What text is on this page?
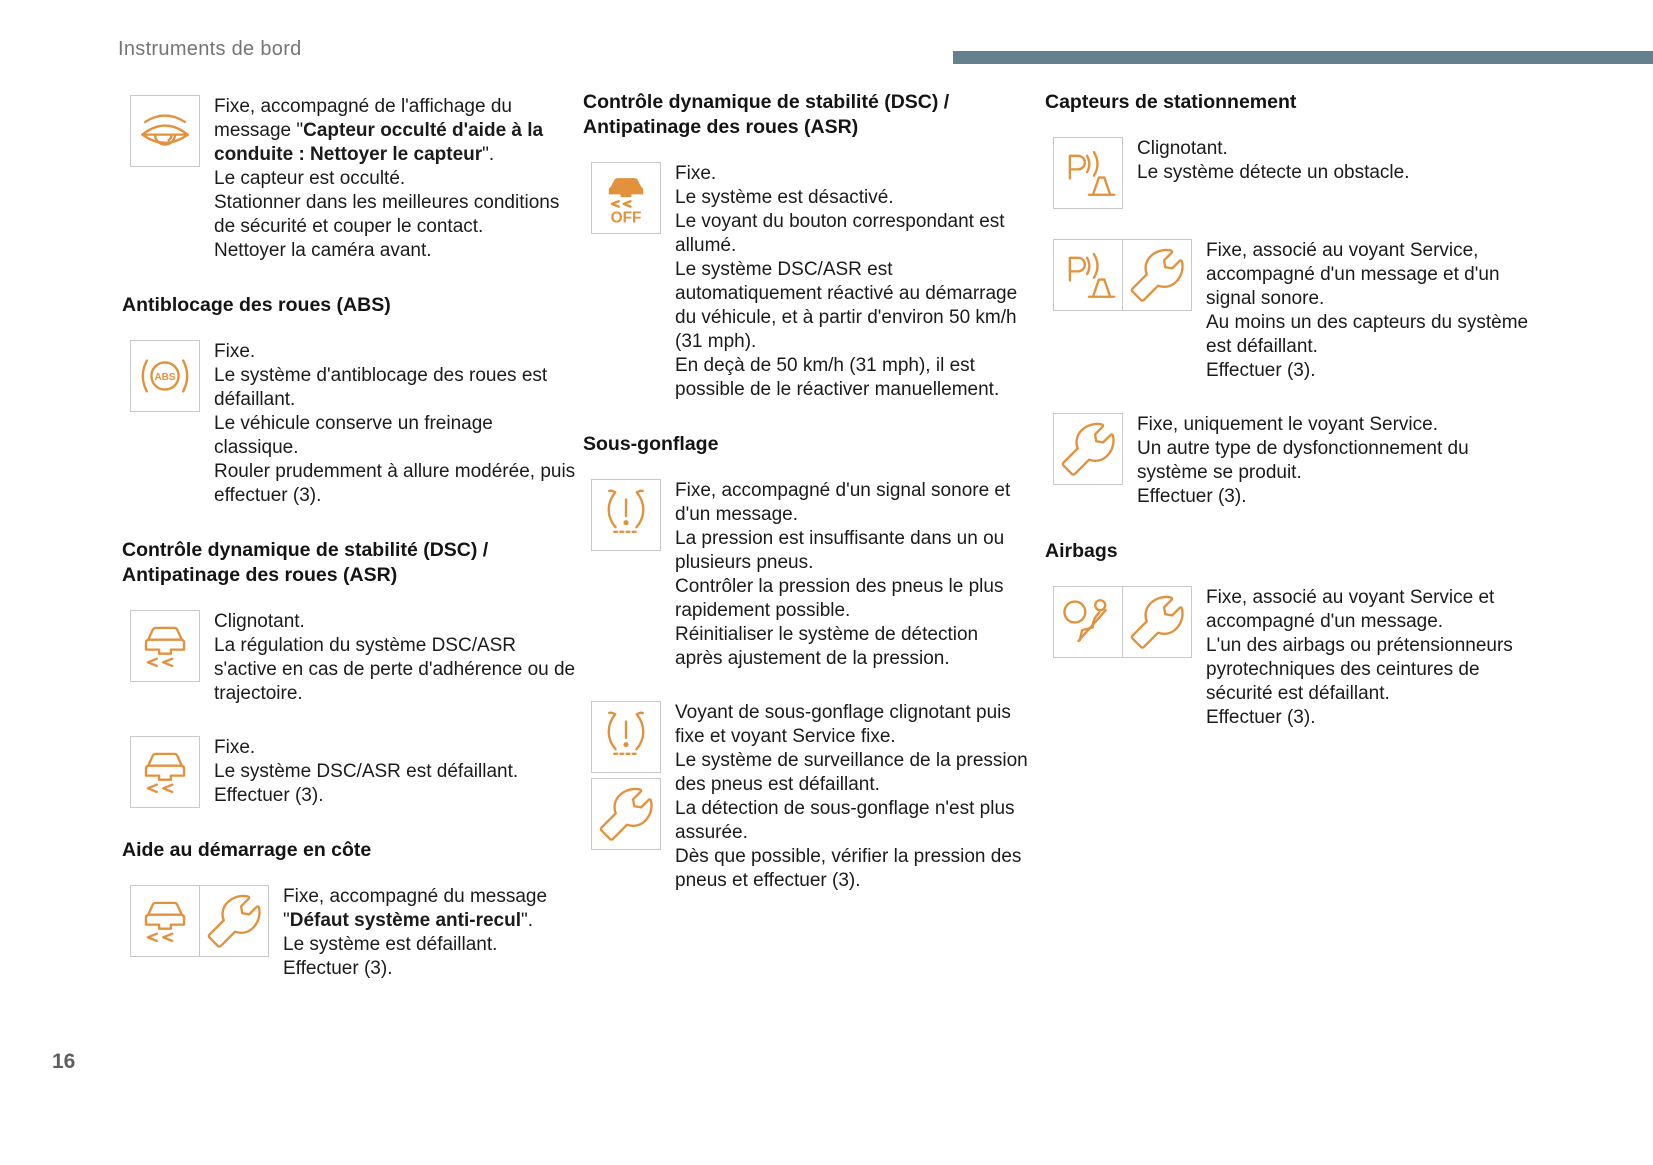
Instruments de bord
Fixe, accompagné de l'affichage du message "Capteur occulté d'aide à la conduite : Nettoyer le capteur".
Le capteur est occulté.
Stationner dans les meilleures conditions de sécurité et couper le contact.
Nettoyer la caméra avant.
Antiblocage des roues (ABS)
ABS
Fixe.
Le système d'antiblocage des roues est défaillant.
Le véhicule conserve un freinage classique.
Rouler prudemment à allure modérée, puis effectuer (3).
Contrôle dynamique de stabilité (DSC) / Antipatinage des roues (ASR)
Clignotant.
La régulation du système DSC/ASR s'active en cas de perte d'adhérence ou de trajectoire.
Fixe.
Le système DSC/ASR est défaillant.
Effectuer (3).
Aide au démarrage en côte
Fixe, accompagné du message "Défaut système anti-recul".
Le système est défaillant.
Effectuer (3).
Contrôle dynamique de stabilité (DSC) / Antipatinage des roues (ASR)
OFF
Fixe.
Le système est désactivé.
Le voyant du bouton correspondant est allumé.
Le système DSC/ASR est automatiquement réactivé au démarrage du véhicule, et à partir d'environ 50 km/h (31 mph).
En deçà de 50 km/h (31 mph), il est possible de le réactiver manuellement.
Sous-gonflage
Fixe, accompagné d'un signal sonore et d'un message.
La pression est insuffisante dans un ou plusieurs pneus.
Contrôler la pression des pneus le plus rapidement possible.
Réinitialiser le système de détection après ajustement de la pression.
Voyant de sous-gonflage clignotant puis fixe et voyant Service fixe.
Le système de surveillance de la pression des pneus est défaillant.
La détection de sous-gonflage n'est plus assurée.
Dès que possible, vérifier la pression des pneus et effectuer (3).
Capteurs de stationnement
Clignotant.
Le système détecte un obstacle.
Fixe, associé au voyant Service, accompagné d'un message et d'un signal sonore.
Au moins un des capteurs du système est défaillant.
Effectuer (3).
Fixe, uniquement le voyant Service.
Un autre type de dysfonctionnement du système se produit.
Effectuer (3).
Airbags
Fixe, associé au voyant Service et accompagné d'un message.
L'un des airbags ou prétensionneurs pyrotechniques des ceintures de sécurité est défaillant.
Effectuer (3).
16
